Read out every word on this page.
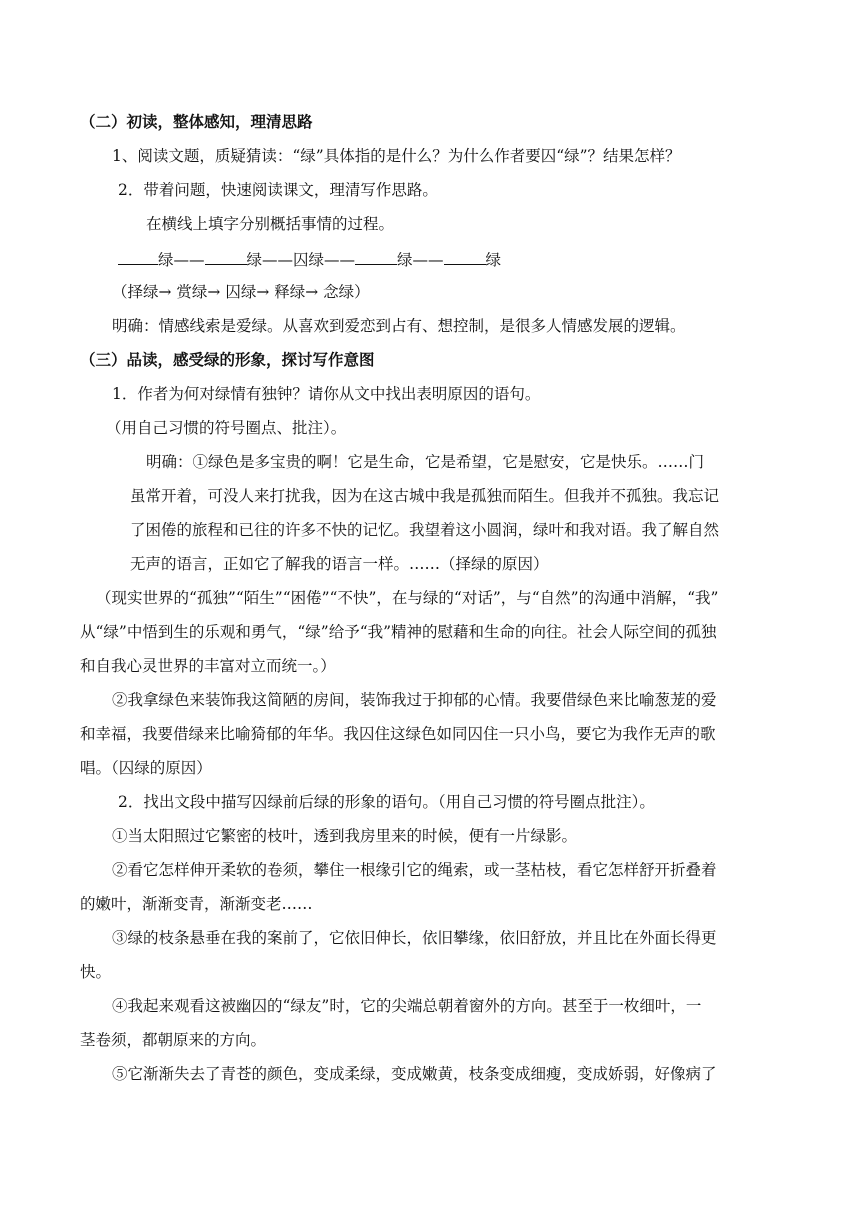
（二）初读，整体感知，理清思路
1、阅读文题，质疑猜读：“绿”具体指的是什么？为什么作者要囚“绿”？结果怎样？
2．带着问题，快速阅读课文，理清写作思路。
在横线上填字分别概括事情的过程。
绿——	绿——囚绿——	绿——	绿
（择绿→ 赏绿→ 囚绿→ 释绿→ 念绿）
明确：情感线索是爱绿。从喜欢到爱恋到占有、想控制，是很多人情感发展的逻辑。
（三）品读，感受绿的形象，探讨写作意图
1．作者为何对绿情有独钟？请你从文中找出表明原因的语句。
（用自己习惯的符号圈点、批注）。
明确：①绿色是多宝贵的啊！它是生命，它是希望，它是慰安，它是快乐。……门
虽常开着，可没人来打扰我，因为在这古城中我是孤独而陌生。但我并不孤独。我忘记
了困倦的旅程和已往的许多不快的记忆。我望着这小圆润，绿叶和我对语。我了解自然
无声的语言，正如它了解我的语言一样。……（择绿的原因）
（现实世界的“孤独”“陌生”“困倦”“不快”，在与绿的“对话”，与“自然”的沟通中消解，“我”
从“绿”中悟到生的乐观和勇气，“绿”给予“我”精神的慰藉和生命的向往。社会人际空间的孤独
和自我心灵世界的丰富对立而统一。）
②我拿绿色来装饰我这简陋的房间，装饰我过于抑郁的心情。我要借绿色来比喻葱茏的爱
和幸福，我要借绿来比喻猗郁的年华。我囚住这绿色如同囚住一只小鸟，要它为我作无声的歌
唱。（囚绿的原因）
2．找出文段中描写囚绿前后绿的形象的语句。（用自己习惯的符号圈点批注）。
①当太阳照过它繁密的枝叶，透到我房里来的时候，便有一片绿影。
②看它怎样伸开柔软的卷须，攀住一根缘引它的绳索，或一茎枯枝，看它怎样舒开折叠着
的嫩叶，渐渐变青，渐渐变老……
③绿的枝条悬垂在我的案前了，它依旧伸长，依旧攀缘，依旧舒放，并且比在外面长得更
快。
④我起来观看这被幽囚的“绿友”时，它的尖端总朝着窗外的方向。甚至于一枚细叶，一
茎卷须，都朝原来的方向。
⑤它渐渐失去了青苍的颜色，变成柔绿，变成嫩黄，枝条变成细瘦，变成娇弱，好像病了
